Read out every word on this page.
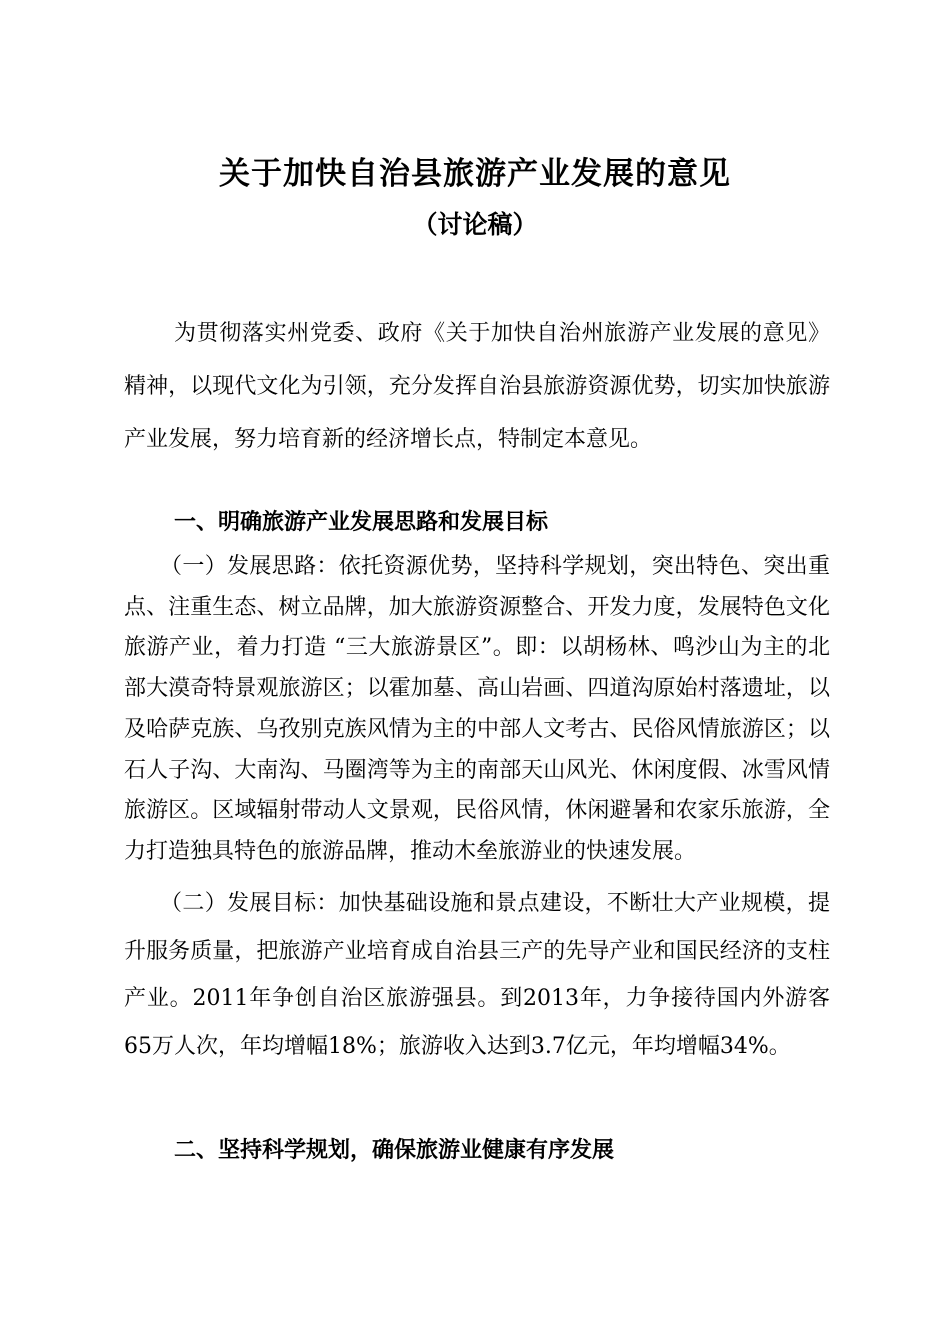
关于加快自治县旅游产业发展的意见
（讨论稿）

为贯彻落实州党委、政府《关于加快自治州旅游产业发展的意见》精神，以现代文化为引领，充分发挥自治县旅游资源优势，切实加快旅游产业发展，努力培育新的经济增长点，特制定本意见。

一、明确旅游产业发展思路和发展目标

（一）发展思路：依托资源优势，坚持科学规划，突出特色、突出重点、注重生态、树立品牌，加大旅游资源整合、开发力度，发展特色文化旅游产业，着力打造 “三大旅游景区”。即：以胡杨林、鸣沙山为主的北部大漠奇特景观旅游区；以霍加墓、高山岩画、四道沟原始村落遗址，以及哈萨克族、乌孜别克族风情为主的中部人文考古、民俗风情旅游区；以石人子沟、大南沟、马圈湾等为主的南部天山风光、休闲度假、冰雪风情旅游区。区域辐射带动人文景观，民俗风情，休闲避暑和农家乐旅游，全力打造独具特色的旅游品牌，推动木垒旅游业的快速发展。

（二）发展目标：加快基础设施和景点建设，不断壮大产业规模，提升服务质量，把旅游产业培育成自治县三产的先导产业和国民经济的支柱产业。2011年争创自治区旅游强县。到2013年，力争接待国内外游客65万人次，年均增幅18%；旅游收入达到3.7亿元，年均增幅34%。

二、坚持科学规划，确保旅游业健康有序发展
